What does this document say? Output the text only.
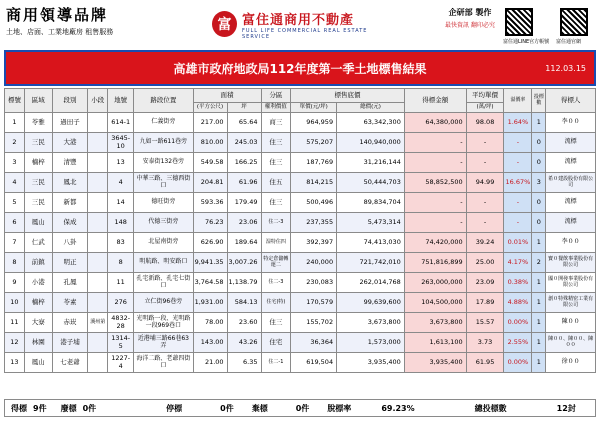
商用領導品牌
土地、店面、工業地廠房 租售服務	富 富住通商用不動產
FULL LIFE COMMERCIAL REAL ESTATE SERVICE
企研部 製作
最快資訊 翻印必究
富住通LINE官方帳號 富住通官網
高雄市政府地政局112年度第一季土地標售結果	112.03.15
標號	區域	段別	小段	地號	路段位置	面積		分區	標售底價		得標金額	平均單價	溢價率	投標數	得標人
						(平方公尺)	坪	權利價值	單價(元/坪)	總價(元)		(萬/坪)			
1	苓雅	過田子		614-1	仁義街旁	217.00	65.64	商三	964,959	63,342,300	64,380,000	98.08	1.64%	1	李００
2	三民	大港		3645-10	九如一路611巷旁	810.00	245.03	住三	575,207	140,940,000	-	-	-	0	流標
3	楠梓	清豐		13	安泰街132巷旁	549.58	166.25	住三	187,769	31,216,144	-	-	-	0	流標
4	三民	鳳北		4	中華三路、三德西街口	204.81	61.96	住五	814,215	50,444,703	58,852,500	94.99	16.67%	3	希０建設股份有限公司
5	三民	新都		14	德旺街旁	593.36	179.49	住三	500,496	89,834,704	-	-	-	0	流標
6	鳳山	保成		148	代德三街旁	76.23	23.06	住二-3	237,355	5,473,314	-	-	-	0	流標
7	仁武	八卦		83	北屋南街旁	626.90	189.64	湿特住四	392,397	74,413,030	74,420,000	39.24	0.01%	1	李００
8	前鎮	明正		8	明航路、明安路口	9,941.35	3,007.26	特定倉儲轉運二	240,000	721,742,010	751,816,899	25.00	4.17%	2	寶０餐飲事業股份有限公司
9	小港	孔鳳		11	孔宅新路、孔宅七街口	3,764.58	1,138.79	住二-3	230,083	262,014,768	263,000,000	23.09	0.38%	1	國０開發事業股份有限公司
10	楠梓	苓素		276	立仁街96巷旁	1,931.00	584.13	住宅(特)	170,579	99,639,600	104,500,000	17.89	4.88%	1	創０特殊精密工業有限公司
11	大寮	赤崁	溪州第	4832-28	光明路一段、光明路一段969巷口	78.00	23.60	住三	155,702	3,673,800	3,673,800	15.57	0.00%	1	陳００
12	林園	港子埔		1314-5	近港埔三路66巷63弄	143.00	43.26	住宅	36,364	1,573,000	1,613,100	3.73	2.55%	1	陳００、陳００、陳００
13	鳳山	七老爺		1227-4	海洋二路、老爺四街口	21.00	6.35	住二-1	619,504	3,935,400	3,935,400	61.95	0.00%	1	徐００
得標 9件 廢標 0件	停標	0件 棄標	0件 脫標率	69.23%	總投標數	12封
